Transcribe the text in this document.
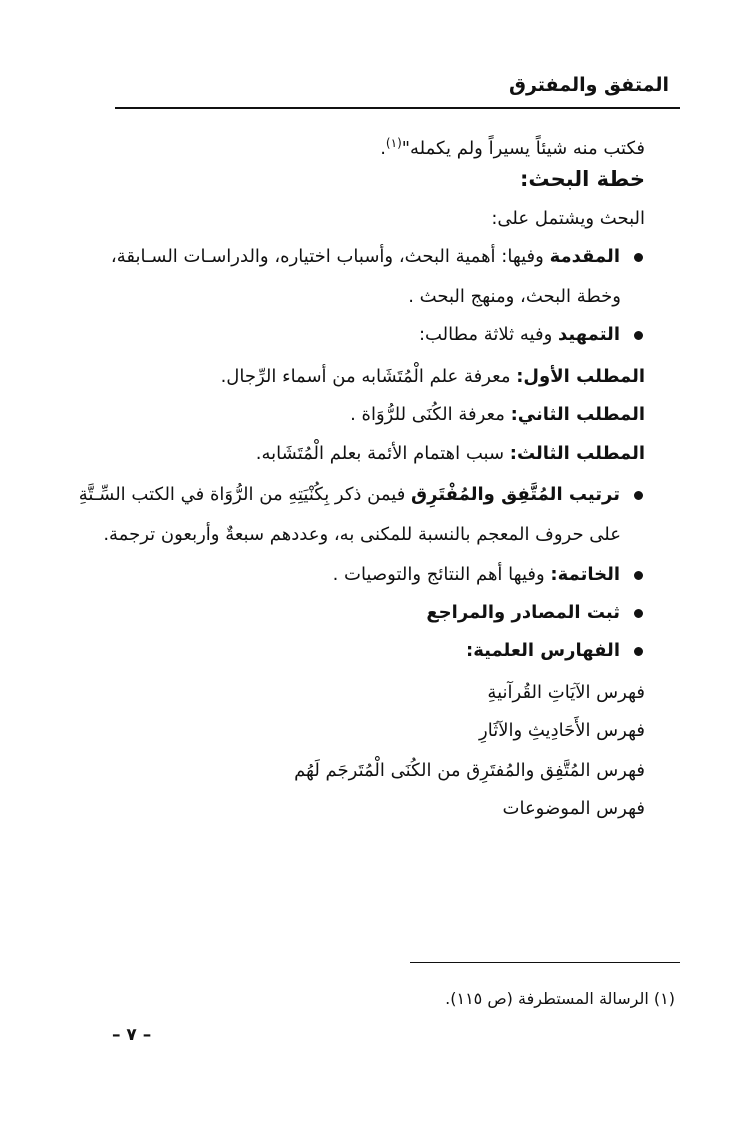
المتفق والمفترق
فكتب منه شيئاً يسيراً ولم يكمله"$^{(١)}$.
خطة البحث:
البحث ويشتمل على:
المقدمة وفيها: أهمية البحث، وأسباب اختياره، والدراسـات السـابقة،
وخطة البحث، ومنهج البحث .
التمهيد وفيه ثلاثة مطالب:
المطلب الأول: معرفة علم الْمُتَشَابه من أسماء الرِّجال.
المطلب الثاني: معرفة الكُنَى للرُّوَاة .
المطلب الثالث: سبب اهتمام الأئمة بعلم الْمُتَشَابه.
ترتيب المُتَّفِق والمُفْتَرِق فيمن ذكر بِكُنْيَتِهِ من الرُّوَاة في الكتب السِّـتَّةِ
على حروف المعجم بالنسبة للمكنى به، وعددهم سبعةٌ وأربعون ترجمة.
الخاتمة: وفيها أهم النتائج والتوصيات .
ثبت المصادر والمراجع
الفهارس العلمية:
فهرس الآيَاتِ القُرآنيةِ
فهرس الأَحَادِيثِ والآثَارِ
فهرس المُتَّفِق والمُفتَرِق من الكُنَى الْمُتَرجَم لَهُم
فهرس الموضوعات
(١) الرسالة المستطرفة (ص ١١٥).
– ٧ –
